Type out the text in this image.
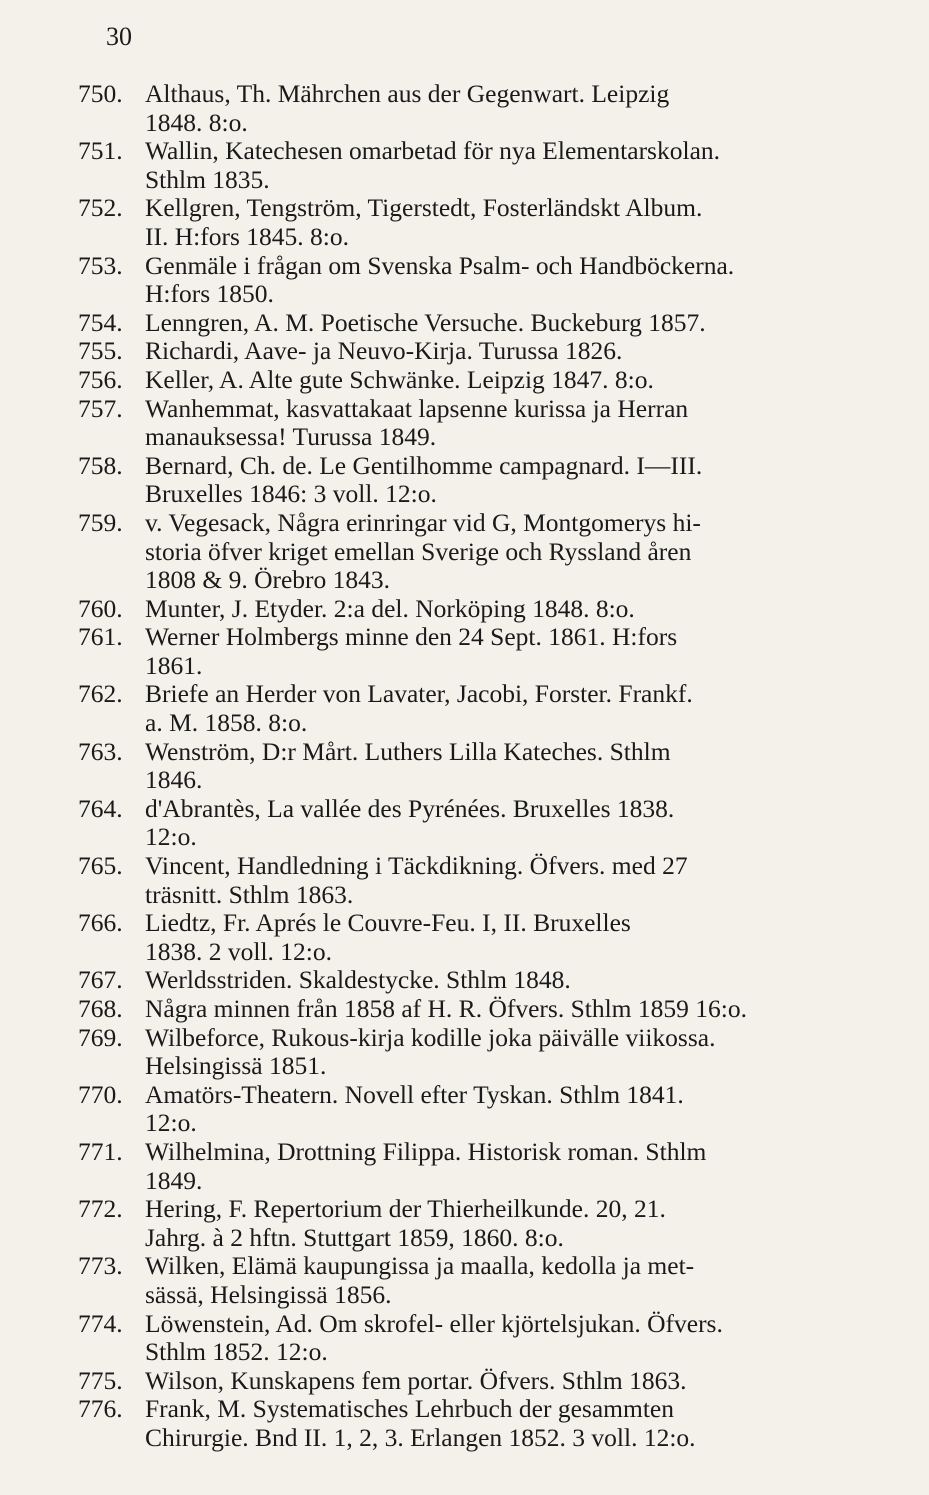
30
750. Althaus, Th. Mährchen aus der Gegenwart. Leipzig
1848. 8:o.
751. Wallin, Katechesen omarbetad för nya Elementarskolan.
Sthlm 1835.
752. Kellgren, Tengström, Tigerstedt, Fosterländskt Album.
II. H:fors 1845. 8:o.
753. Genmäle i frågan om Svenska Psalm- och Handböckerna.
H:fors 1850.
754. Lenngren, A. M. Poetische Versuche. Buckeburg 1857.
755. Richardi, Aave- ja Neuvo-Kirja. Turussa 1826.
756. Keller, A. Alte gute Schwänke. Leipzig 1847. 8:o.
757. Wanhemmat, kasvattakaat lapsenne kurissa ja Herran
manauksessa! Turussa 1849.
758. Bernard, Ch. de. Le Gentilhomme campagnard. I—III.
Bruxelles 1846: 3 voll. 12:o.
759. v. Vegesack, Några erinringar vid G, Montgomerys hi-
storia öfver kriget emellan Sverige och Ryssland åren
1808 & 9. Örebro 1843.
760. Munter, J. Etyder. 2:a del. Norköping 1848. 8:o.
761. Werner Holmbergs minne den 24 Sept. 1861. H:fors
1861.
762. Briefe an Herder von Lavater, Jacobi, Forster. Frankf.
a. M. 1858. 8:o.
763. Wenström, D:r Mårt. Luthers Lilla Kateches. Sthlm
1846.
764. d'Abrantès, La vallée des Pyrénées. Bruxelles 1838.
12:o.
765. Vincent, Handledning i Täckdikning. Öfvers. med 27
träsnitt. Sthlm 1863.
766. Liedtz, Fr. Aprés le Couvre-Feu. I, II. Bruxelles
1838. 2 voll. 12:o.
767. Werldsstriden. Skaldestycke. Sthlm 1848.
768. Några minnen från 1858 af H. R. Öfvers. Sthlm 1859 16:o.
769. Wilbeforce, Rukous-kirja kodille joka päivälle viikossa.
Helsingissä 1851.
770. Amatörs-Theatern. Novell efter Tyskan. Sthlm 1841.
12:o.
771. Wilhelmina, Drottning Filippa. Historisk roman. Sthlm
1849.
772. Hering, F. Repertorium der Thierheilkunde. 20, 21.
Jahrg. à 2 hftn. Stuttgart 1859, 1860. 8:o.
773. Wilken, Elämä kaupungissa ja maalla, kedolla ja met-
sässä, Helsingissä 1856.
774. Löwenstein, Ad. Om skrofel- eller kjörtelsjukan. Öfvers.
Sthlm 1852. 12:o.
775. Wilson, Kunskapens fem portar. Öfvers. Sthlm 1863.
776. Frank, M. Systematisches Lehrbuch der gesammten
Chirurgie. Bnd II. 1, 2, 3. Erlangen 1852. 3 voll. 12:o.
